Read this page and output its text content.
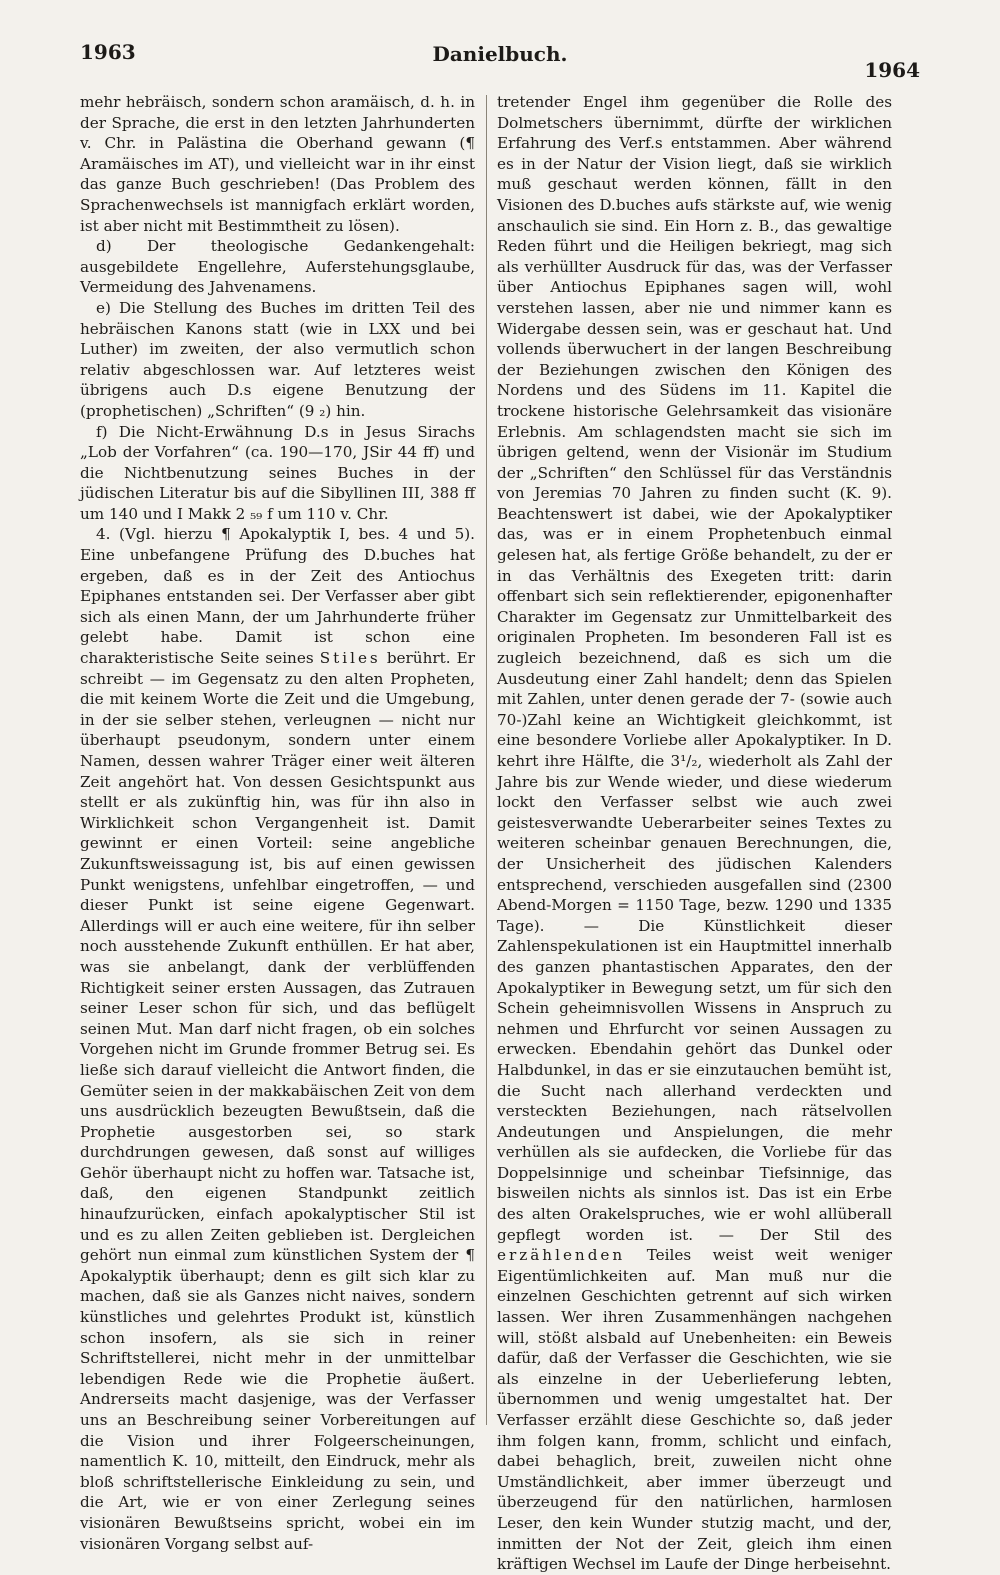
1963	Danielbuch.
1964

mehr hebräisch, sondern schon aramäisch, d. h. in der Sprache, die erst in den letzten Jahrhunderten v. Chr. in Palästina die Oberhand gewann (¶ Aramäisches im AT), und vielleicht war in ihr einst das ganze Buch geschrieben! (Das Problem des Sprachenwechsels ist mannigfach erklärt worden, ist aber nicht mit Bestimmtheit zu lösen).

d) Der theologische Gedankengehalt: ausgebildete Engellehre, Auferstehungsglaube, Vermeidung des Jahvenamens.

e) Die Stellung des Buches im dritten Teil des hebräischen Kanons statt (wie in LXX und bei Luther) im zweiten, der also vermutlich schon relativ abgeschlossen war. Auf letzteres weist übrigens auch D.s eigene Benutzung der (prophetischen) „Schriften“ (9 ₂) hin.

f) Die Nicht-Erwähnung D.s in Jesus Sirachs „Lob der Vorfahren“ (ca. 190—170, JSir 44 ff) und die Nichtbenutzung seines Buches in der jüdischen Literatur bis auf die Sibyllinen III, 388 ff um 140 und I Makk 2 ₅₉ f um 110 v. Chr.

4. (Vgl. hierzu ¶ Apokalyptik I, bes. 4 und 5). Eine unbefangene Prüfung des D.buches hat ergeben, daß es in der Zeit des Antiochus Epiphanes entstanden sei. Der Verfasser aber gibt sich als einen Mann, der um Jahrhunderte früher gelebt habe. Damit ist schon eine charakteristische Seite seines Stiles berührt. Er schreibt — im Gegensatz zu den alten Propheten, die mit keinem Worte die Zeit und die Umgebung, in der sie selber stehen, verleugnen — nicht nur überhaupt pseudonym, sondern unter einem Namen, dessen wahrer Träger einer weit älteren Zeit angehört hat. Von dessen Gesichtspunkt aus stellt er als zukünftig hin, was für ihn also in Wirklichkeit schon Vergangenheit ist. Damit gewinnt er einen Vorteil: seine angebliche Zukunftsweissagung ist, bis auf einen gewissen Punkt wenigstens, unfehlbar eingetroffen, — und dieser Punkt ist seine eigene Gegenwart. Allerdings will er auch eine weitere, für ihn selber noch ausstehende Zukunft enthüllen. Er hat aber, was sie anbelangt, dank der verblüffenden Richtigkeit seiner ersten Aussagen, das Zutrauen seiner Leser schon für sich, und das beflügelt seinen Mut. Man darf nicht fragen, ob ein solches Vorgehen nicht im Grunde frommer Betrug sei. Es ließe sich darauf vielleicht die Antwort finden, die Gemüter seien in der makkabäischen Zeit von dem uns ausdrücklich bezeugten Bewußtsein, daß die Prophetie ausgestorben sei, so stark durchdrungen gewesen, daß sonst auf williges Gehör überhaupt nicht zu hoffen war. Tatsache ist, daß, den eigenen Standpunkt zeitlich hinaufzurücken, einfach apokalyptischer Stil ist und es zu allen Zeiten geblieben ist. Dergleichen gehört nun einmal zum künstlichen System der ¶ Apokalyptik überhaupt; denn es gilt sich klar zu machen, daß sie als Ganzes nicht naives, sondern künstliches und gelehrtes Produkt ist, künstlich schon insofern, als sie sich in reiner Schriftstellerei, nicht mehr in der unmittelbar lebendigen Rede wie die Prophetie äußert. Andrerseits macht dasjenige, was der Verfasser uns an Beschreibung seiner Vorbereitungen auf die Vision und ihrer Folgeerscheinungen, namentlich K. 10, mitteilt, den Eindruck, mehr als bloß schriftstellerische Einkleidung zu sein, und die Art, wie er von einer Zerlegung seines visionären Bewußtseins spricht, wobei ein im visionären Vorgang selbst auf-

tretender Engel ihm gegenüber die Rolle des Dolmetschers übernimmt, dürfte der wirklichen Erfahrung des Verf.s entstammen. Aber während es in der Natur der Vision liegt, daß sie wirklich muß geschaut werden können, fällt in den Visionen des D.buches aufs stärkste auf, wie wenig anschaulich sie sind. Ein Horn z. B., das gewaltige Reden führt und die Heiligen bekriegt, mag sich als verhüllter Ausdruck für das, was der Verfasser über Antiochus Epiphanes sagen will, wohl verstehen lassen, aber nie und nimmer kann es Widergabe dessen sein, was er geschaut hat. Und vollends überwuchert in der langen Beschreibung der Beziehungen zwischen den Königen des Nordens und des Südens im 11. Kapitel die trockene historische Gelehrsamkeit das visionäre Erlebnis. Am schlagendsten macht sie sich im übrigen geltend, wenn der Visionär im Studium der „Schriften“ den Schlüssel für das Verständnis von Jeremias 70 Jahren zu finden sucht (K. 9). Beachtenswert ist dabei, wie der Apokalyptiker das, was er in einem Prophetenbuch einmal gelesen hat, als fertige Größe behandelt, zu der er in das Verhältnis des Exegeten tritt: darin offenbart sich sein reflektierender, epigonenhafter Charakter im Gegensatz zur Unmittelbarkeit des originalen Propheten. Im besonderen Fall ist es zugleich bezeichnend, daß es sich um die Ausdeutung einer Zahl handelt; denn das Spielen mit Zahlen, unter denen gerade der 7- (sowie auch 70-)Zahl keine an Wichtigkeit gleichkommt, ist eine besondere Vorliebe aller Apokalyptiker. In D. kehrt ihre Hälfte, die 3¹/₂, wiederholt als Zahl der Jahre bis zur Wende wieder, und diese wiederum lockt den Verfasser selbst wie auch zwei geistesverwandte Ueberarbeiter seines Textes zu weiteren scheinbar genauen Berechnungen, die, der Unsicherheit des jüdischen Kalenders entsprechend, verschieden ausgefallen sind (2300 Abend-Morgen = 1150 Tage, bezw. 1290 und 1335 Tage). — Die Künstlichkeit dieser Zahlenspekulationen ist ein Hauptmittel innerhalb des ganzen phantastischen Apparates, den der Apokalyptiker in Bewegung setzt, um für sich den Schein geheimnisvollen Wissens in Anspruch zu nehmen und Ehrfurcht vor seinen Aussagen zu erwecken. Ebendahin gehört das Dunkel oder Halbdunkel, in das er sie einzutauchen bemüht ist, die Sucht nach allerhand verdeckten und versteckten Beziehungen, nach rätselvollen Andeutungen und Anspielungen, die mehr verhüllen als sie aufdecken, die Vorliebe für das Doppelsinnige und scheinbar Tiefsinnige, das bisweilen nichts als sinnlos ist. Das ist ein Erbe des alten Orakelspruches, wie er wohl allüberall gepflegt worden ist. — Der Stil des erzählenden Teiles weist weit weniger Eigentümlichkeiten auf. Man muß nur die einzelnen Geschichten getrennt auf sich wirken lassen. Wer ihren Zusammenhängen nachgehen will, stößt alsbald auf Unebenheiten: ein Beweis dafür, daß der Verfasser die Geschichten, wie sie als einzelne in der Ueberlieferung lebten, übernommen und wenig umgestaltet hat. Der Verfasser erzählt diese Geschichte so, daß jeder ihm folgen kann, fromm, schlicht und einfach, dabei behaglich, breit, zuweilen nicht ohne Umständlichkeit, aber immer überzeugt und überzeugend für den natürlichen, harmlosen Leser, den kein Wunder stutzig macht, und der, inmitten der Not der Zeit, gleich ihm einen kräftigen Wechsel im Laufe der Dinge herbeisehnt.
